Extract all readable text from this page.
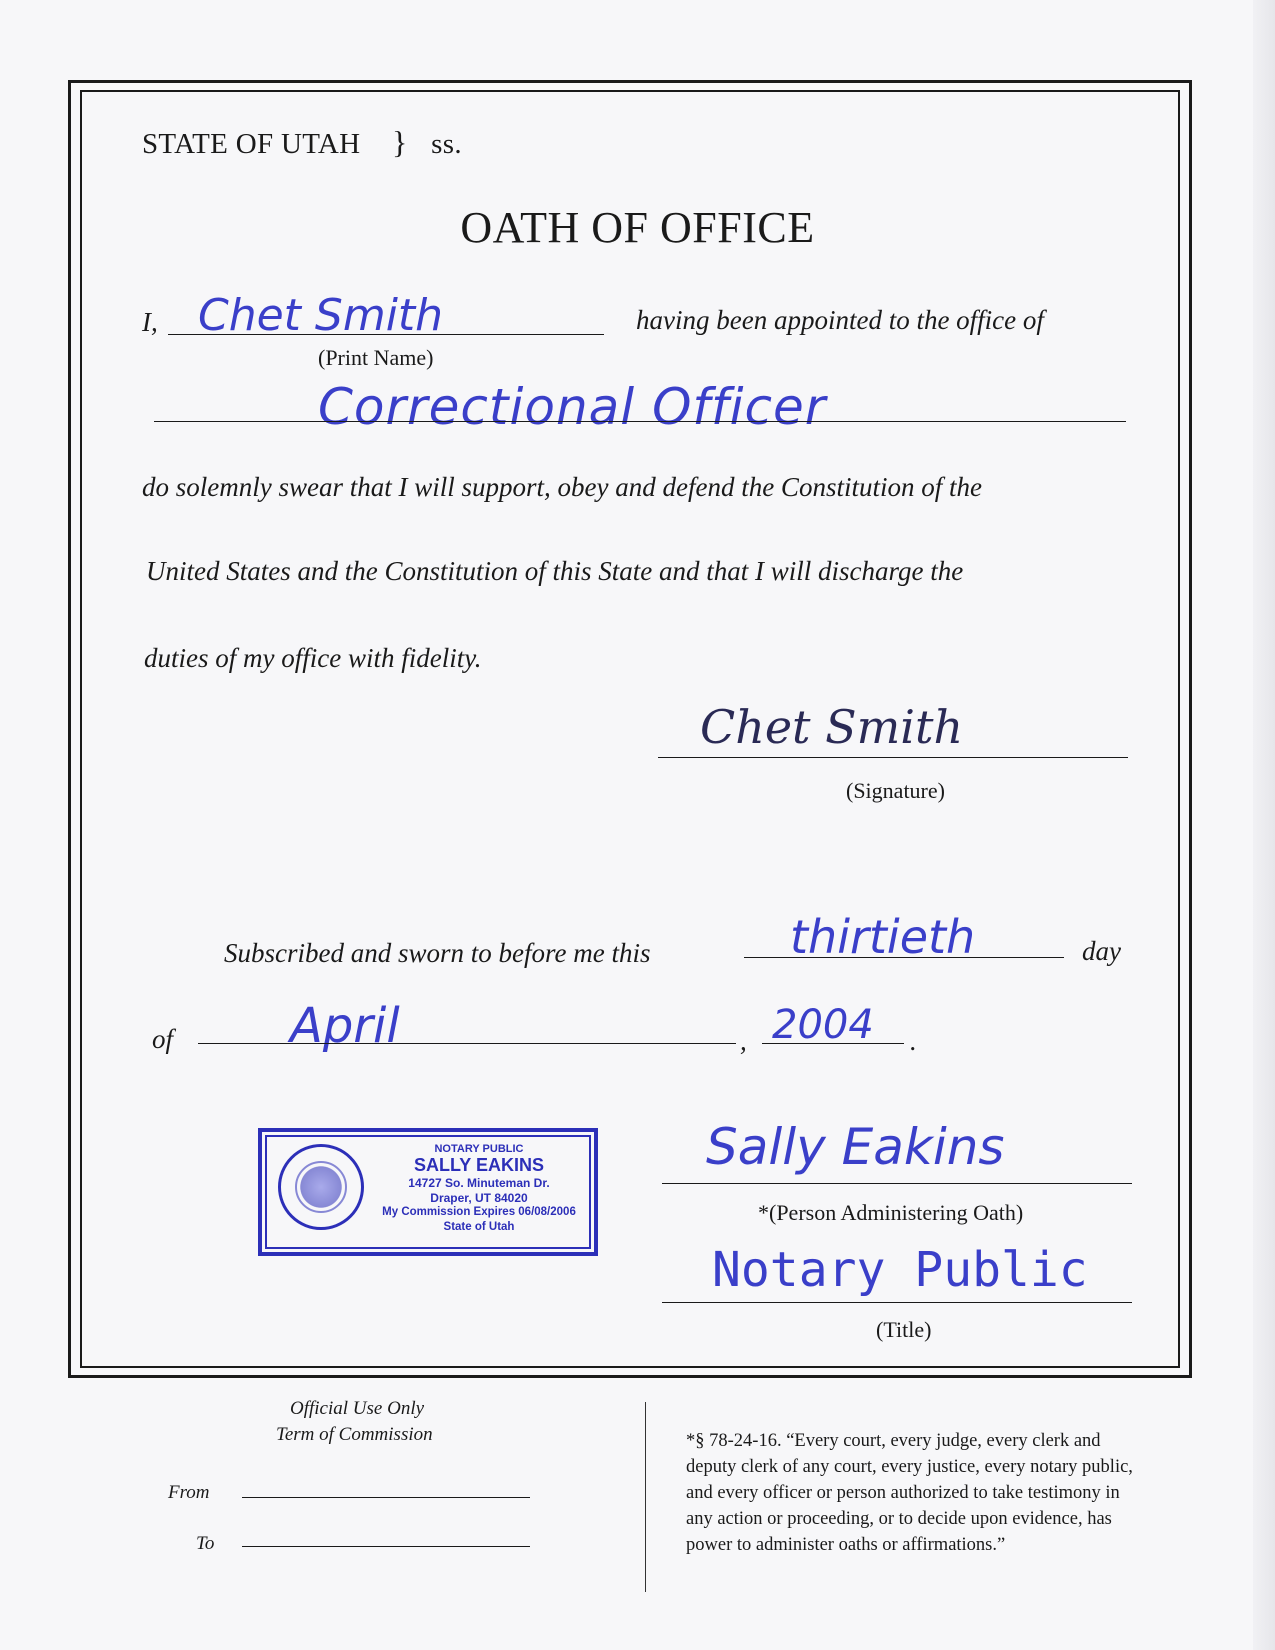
STATE OF UTAH } ss.
OATH OF OFFICE
I, Chet Smith
(Print Name)
having been appointed to the office of
Correctional Officer
do solemnly swear that I will support, obey and defend the Constitution of the
United States and the Constitution of this State and that I will discharge the
duties of my office with fidelity.
Chet Smith
(Signature)
Subscribed and sworn to before me this	thirtieth	day
of April	, 2004 .
NOTARY PUBLIC
SALLY EAKINS
14727 So. Minuteman Dr.
Draper, UT 84020
My Commission Expires 06/08/2006
State of Utah
Sally Eakins
*(Person Administering Oath)
Notary Public
(Title)
Official Use Only
Term of Commission
From
To
*§ 78-24-16. “Every court, every judge, every clerk and
deputy clerk of any court, every justice, every notary public,
and every officer or person authorized to take testimony in
any action or proceeding, or to decide upon evidence, has
power to administer oaths or affirmations.”
